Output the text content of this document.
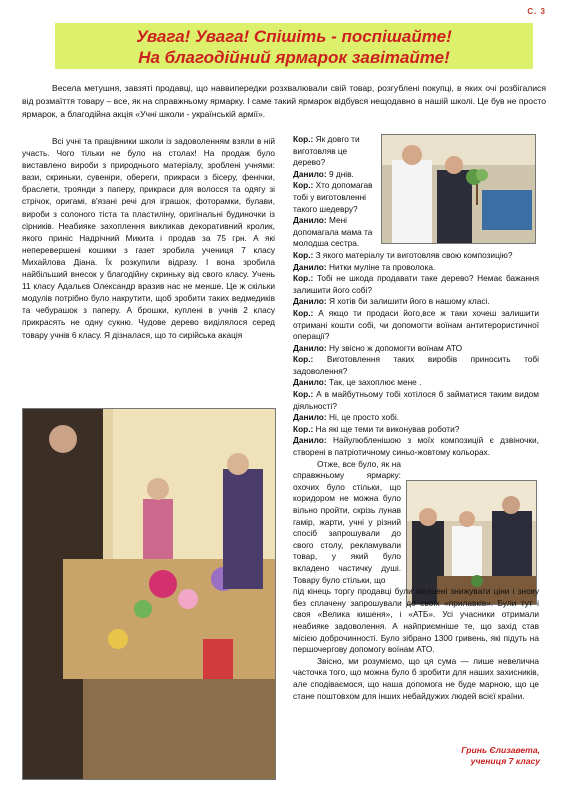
С. 3
Увага! Увага! Спішіть - поспішайте!
На благодійний ярмарок завітайте!

Весела метушня, завзяті продавці, що наввипередки розхвалювали свій товар, розгублені покупці, в яких очі розбігалися від розмаїття товару – все, як на справжньому ярмарку. І саме такий ярмарок відбувся нещодавно в нашій школі. Це був не просто ярмарок, а благодійна акція «Учні школи - українській армії».

Всі учні та працівники школи із задоволенням взяли в ній участь. Чого тільки не було на столах! На продаж було виставлено вироби з природнього матеріалу, зроблені учнями: вази, скриньки, сувеніри, обереги, прикраси з бісеру, фенічки, браслети, троянди з паперу, прикраси для волосся та одягу зі стрічок, оригамі, в'язані речі для іграшок, фоторамки, булави, вироби з солоного тіста та пластиліну, оригінальні будиночки із сірників. Неабияке захоплення викликав декоративний кролик, якого приніс Надрічний Микита і продав за 75 грн. А які неперевершені кошики з газет зробила учениця 7 класу Михайлова Діана. Їх розкупили відразу. І вона зробила найбільший внесок у благодійну скриньку від свого класу. Учень 11 класу Адальєв Олександр вразив нас не менше. Це ж скільки модулів потрібно було накрутити, щоб зробити таких ведмедиків та чебурашок з паперу. А брошки, куплені в учнів 2 класу прикрасять не одну сукню. Чудове дерево виділялося серед товару учнів 6 класу. Я дізналася, що то сирійська акація

Кор.: Як довго ти виготовляв це дерево?

Данило: 9 днів.

Кор.: Хто допомагав тобі у виготовленні такого шедевру?

Данило: Мені допомагала мама та молодша сестра.

Кор.: З якого матеріалу ти виготовляв свою композицію?

Данило: Нитки муліне та проволока.

Кор.: Тобі не шкода продавати таке дерево? Немає бажання залишити його собі?

Данило: Я хотів би залишити його в нашому класі.

Кор.: А якщо ти продаси його,все ж таки хочеш залишити отримані кошти собі, чи допомогти воїнам антитерористичної операції?

Данило: Ну звісно ж допомогти воїнам АТО

Кор.: Виготовлення таких виробів приносить тобі задоволення?

Данило: Так, це захоплює мене .

Кор.: А в майбутньому тобі хотілося б займатися таким видом діяльності?

Данило: Ні, це просто хобі.

Кор.: На які ще теми ти виконував роботи?

Данило: Найулюбленішою з моїх композицій є дзвіночки, створені в патріотичному синьо-жовтому кольорах.

Отже, все було, як на справжньому ярмарку: охочих було стільки, що коридором не можна було вільно пройти, скрізь лунав гамір, жарти, учні у різний спосіб запрошували до свого столу, рекламували товар, у який було вкладено частичку душі. Товару було стільки, що

під кінець торгу продавці були змушені знижувати ціни і знову без сплачену запрошували до своїх «прилавків». Були тут і своя «Велика кишеня», і «АТБ». Усі учасники отримали неабияке задоволення. А найприємніше те, що захід став місією доброчинності. Було зібрано 1300 гривень, які підуть на першочергову допомогу воїнам АТО.

Звісно, ми розуміємо, що ця сума — лише невелична часточка того, що можна було б зробити для наших захисників, але сподіваємося, що наша допомога не буде марною, що це стане поштовхом для інших небайдужих людей всієї країни.

Гринь Єлизавета,
учениця 7 класу
